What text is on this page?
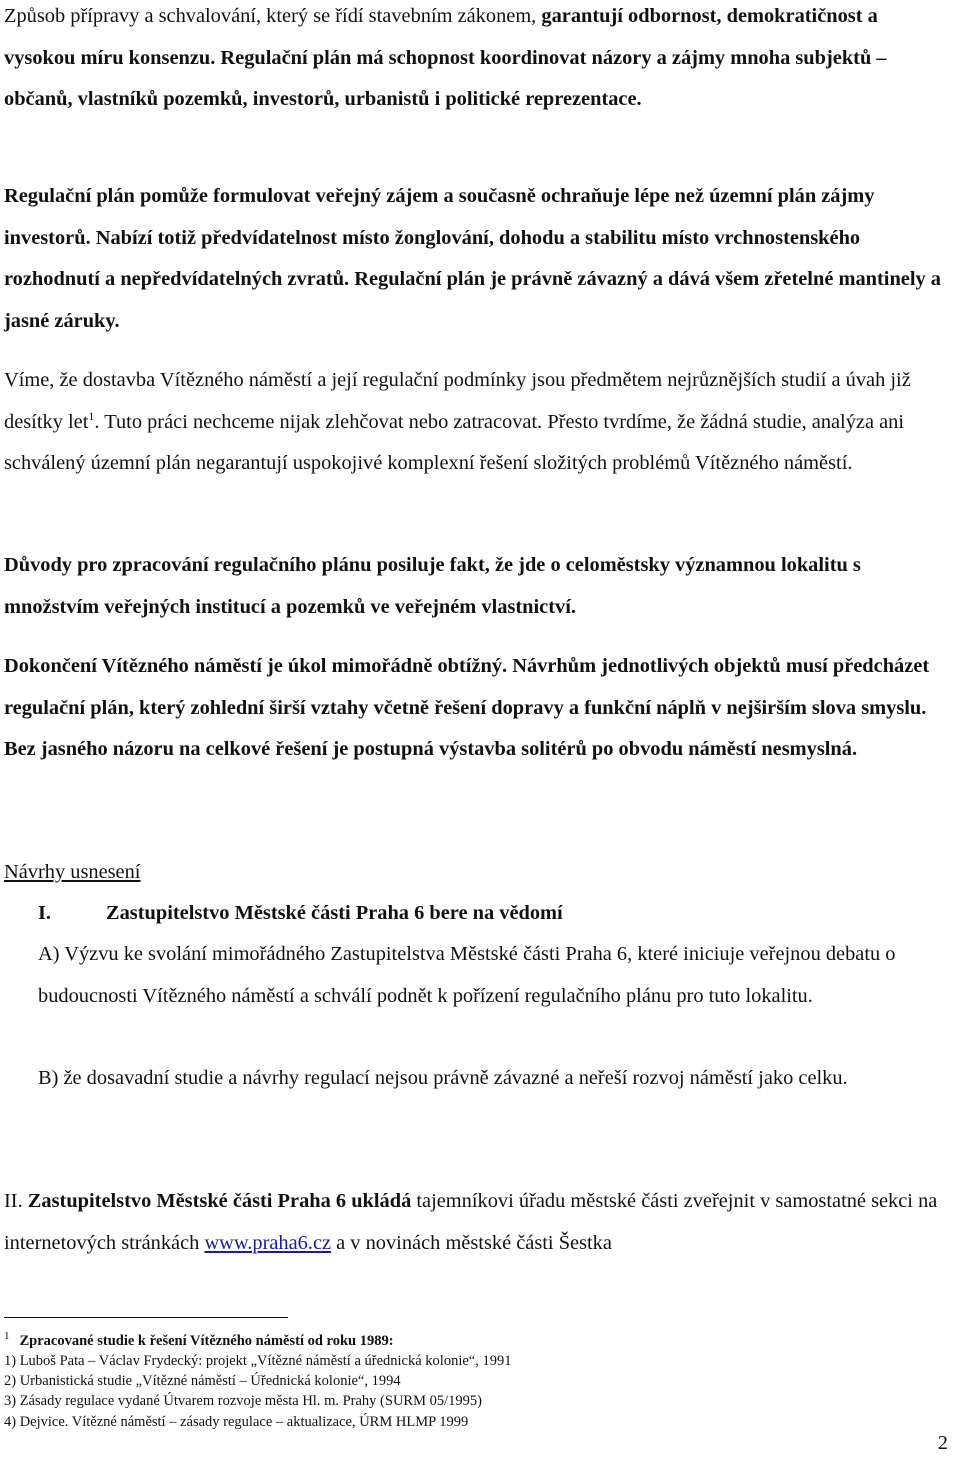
Způsob přípravy a schvalování, který se řídí stavebním zákonem, garantují odbornost, demokratičnost a vysokou míru konsenzu. Regulační plán má schopnost koordinovat názory a zájmy mnoha subjektů – občanů, vlastníků pozemků, investorů, urbanistů i politické reprezentace.

Regulační plán pomůže formulovat veřejný zájem a současně ochraňuje lépe než územní plán zájmy investorů. Nabízí totiž předvídatelnost místo žonglování, dohodu a stabilitu místo vrchnostenského rozhodnutí a nepředvídatelných zvratů. Regulační plán je právně závazný a dává všem zřetelné mantinely a jasné záruky.

Víme, že dostavba Vítězného náměstí a její regulační podmínky jsou předmětem nejrůznějších studií a úvah již desítky let$^1$. Tuto práci nechceme nijak zlehčovat nebo zatracovat. Přesto tvrdíme, že žádná studie, analýza ani schválený územní plán negarantují uspokojivé komplexní řešení složitých problémů Vítězného náměstí.

Důvody pro zpracování regulačního plánu posiluje fakt, že jde o celoměstsky významnou lokalitu s množstvím veřejných institucí a pozemků ve veřejném vlastnictví.

Dokončení Vítězného náměstí je úkol mimořádně obtížný. Návrhům jednotlivých objektů musí předcházet regulační plán, který zohlední širší vztahy včetně řešení dopravy a funkční náplň v nejširším slova smyslu. Bez jasného názoru na celkové řešení je postupná výstavba solitérů po obvodu náměstí nesmyslná.

Návrhy usnesení
I.	Zastupitelstvo Městské části Praha 6 bere na vědomí

A) Výzvu ke svolání mimořádného Zastupitelstva Městské části Praha 6, které iniciuje veřejnou debatu o budoucnosti Vítězného náměstí a schválí podnět k pořízení regulačního plánu pro tuto lokalitu.

B) že dosavadní studie a návrhy regulací nejsou právně závazné a neřeší rozvoj náměstí jako celku.

II. Zastupitelstvo Městské části Praha 6 ukládá tajemníkovi úřadu městské části zveřejnit v samostatné sekci na internetových stránkách www.praha6.cz a v novinách městské části Šestka

$^1$ Zpracované studie k řešení Vítězného náměstí od roku 1989:
1) Luboš Pata – Václav Frydecký: projekt „Vítězné náměstí a úřednická kolonie“, 1991
2) Urbanistická studie „Vítězné náměstí – Úřednická kolonie“, 1994
3) Zásady regulace vydané Útvarem rozvoje města Hl. m. Prahy (SURM 05/1995)
4) Dejvice. Vítězné náměstí – zásady regulace – aktualizace, ÚRM HLMP 1999
2
